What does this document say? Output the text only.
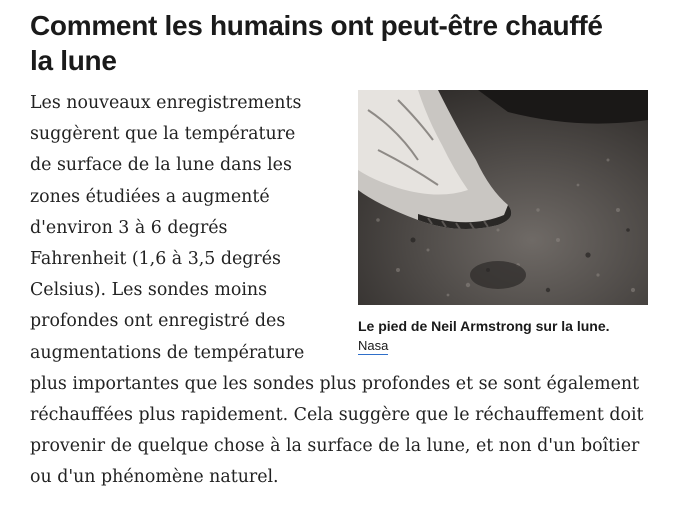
Comment les humains ont peut-être chauffé la lune
Le pied de Neil Armstrong sur la lune.
Nasa

Les nouveaux enregistrements suggèrent que la température de surface de la lune dans les zones étudiées a augmenté d'environ 3 à 6 degrés Fahrenheit (1,6 à 3,5 degrés Celsius). Les sondes moins profondes ont enregistré des augmentations de température plus importantes que les sondes plus profondes et se sont également réchauffées plus rapidement. Cela suggère que le réchauffement doit provenir de quelque chose à la surface de la lune, et non d'un boîtier ou d'un phénomène naturel.
